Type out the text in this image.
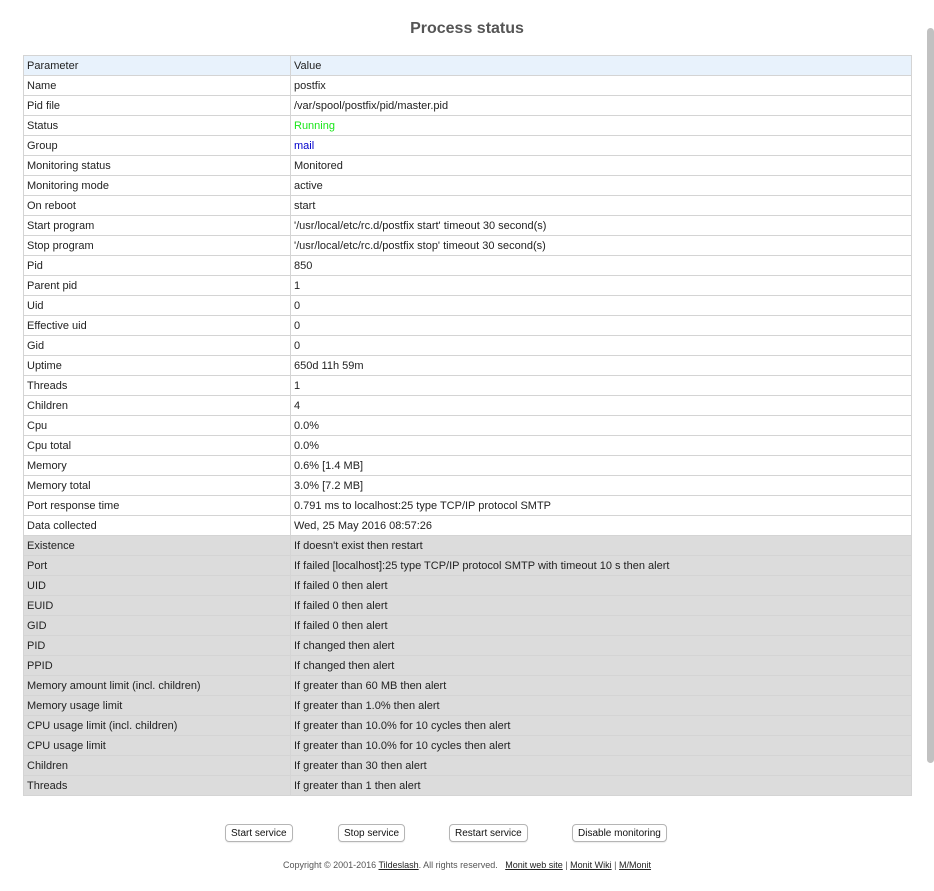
Process status
Parameter	Value
Name	postfix
Pid file	/var/spool/postfix/pid/master.pid
Status	Running
Group	mail
Monitoring status	Monitored
Monitoring mode	active
On reboot	start
Start program	'/usr/local/etc/rc.d/postfix start' timeout 30 second(s)
Stop program	'/usr/local/etc/rc.d/postfix stop' timeout 30 second(s)
Pid	850
Parent pid	1
Uid	0
Effective uid	0
Gid	0
Uptime	650d 11h 59m
Threads	1
Children	4
Cpu	0.0%
Cpu total	0.0%
Memory	0.6% [1.4 MB]
Memory total	3.0% [7.2 MB]
Port response time	0.791 ms to localhost:25 type TCP/IP protocol SMTP
Data collected	Wed, 25 May 2016 08:57:26
Existence	If doesn't exist then restart
Port	If failed [localhost]:25 type TCP/IP protocol SMTP with timeout 10 s then alert
UID	If failed 0 then alert
EUID	If failed 0 then alert
GID	If failed 0 then alert
PID	If changed then alert
PPID	If changed then alert
Memory amount limit (incl. children)	If greater than 60 MB then alert
Memory usage limit	If greater than 1.0% then alert
CPU usage limit (incl. children)	If greater than 10.0% for 10 cycles then alert
CPU usage limit	If greater than 10.0% for 10 cycles then alert
Children	If greater than 30 then alert
Threads	If greater than 1 then alert
Start service	Stop service	Restart service	Disable monitoring
Copyright © 2001-2016 Tildeslash. All rights reserved. Monit web site | Monit Wiki | M/Monit
